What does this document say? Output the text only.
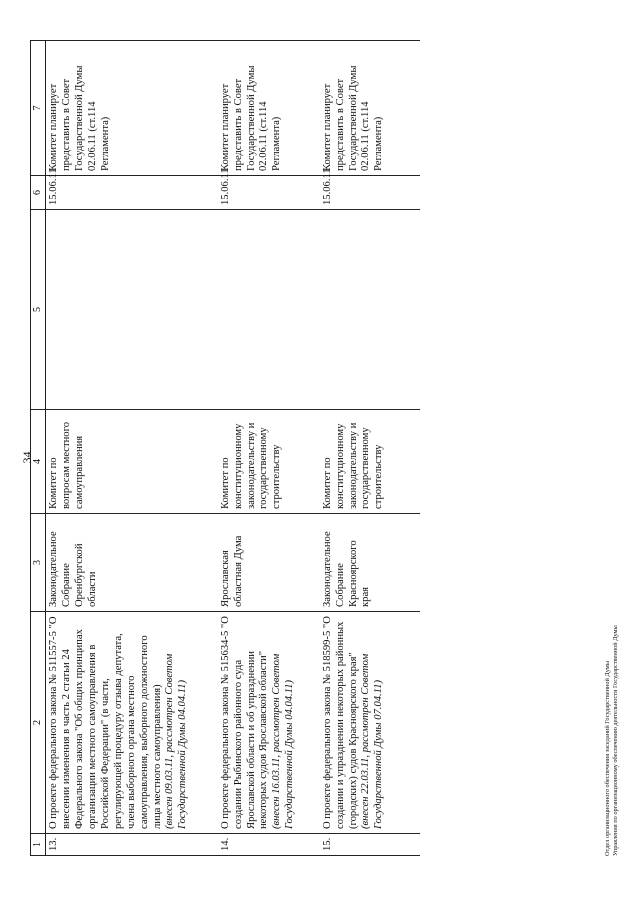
34
1	2	3	4	5	6	7
13.	О проекте федерального закона № 511557-5 "О внесении изменения в часть 2 статьи 24 Федерального закона "Об общих принципах организации местного самоуправления в Российской Федерации" (в части, регулирующей процедуру отзыва депутата, члена выборного органа местного самоуправления, выборного должностного лица местного самоуправления) (внесен 09.03.11, рассмотрен Советом Государственной Думы 04.04.11)	Законодательное Собрание Оренбургской области	Комитет по вопросам местного самоуправления		15.06.11	Комитет планирует представить в Совет Государственной Думы 02.06.11 (ст.114 Регламента)
14.	О проекте федерального закона № 515634-5 "О создании Рыбинского районного суда Ярославской области и об упразднении некоторых судов Ярославской области" (внесен 16.03.11, рассмотрен Советом Государственной Думы 04.04.11)	Ярославская областная Дума	Комитет по конституционному законодательству и государственному строительству		15.06.11	Комитет планирует представить в Совет Государственной Думы 02.06.11 (ст.114 Регламента)
15.	О проекте федерального закона № 518599-5 "О создании и упразднении некоторых районных (городских) судов Красноярского края" (внесен 22.03.11, рассмотрен Советом Государственной Думы 07.04.11)	Законодательное Собрание Красноярского края	Комитет по конституционному законодательству и государственному строительству		15.06.11	Комитет планирует представить в Совет Государственной Думы 02.06.11 (ст.114 Регламента)
Отдел организационного обеспечения заседаний Государственной Думы Управления по организационному обеспечению деятельности Государственной Думы
